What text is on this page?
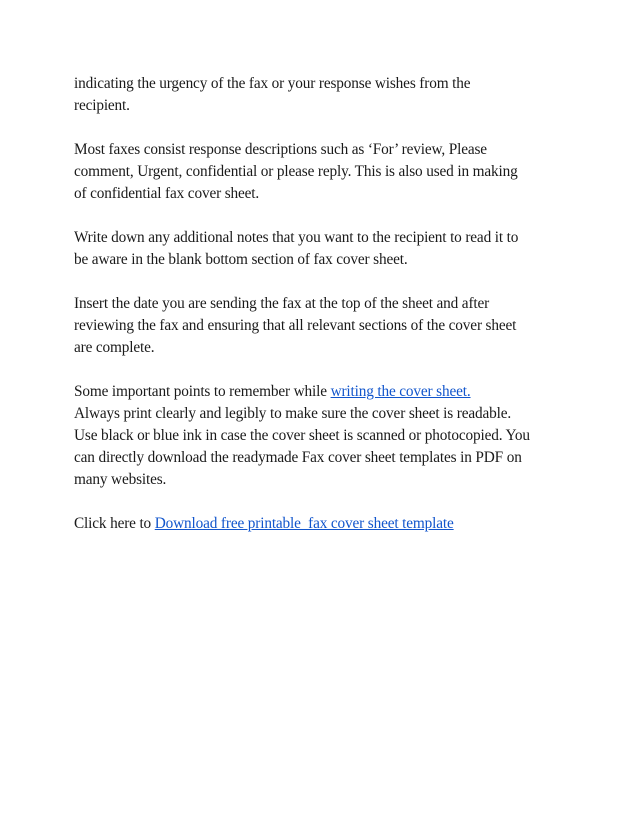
indicating the urgency of the fax or your response wishes from the
recipient.

Most faxes consist response descriptions such as ‘For’ review, Please
comment, Urgent, confidential or please reply. This is also used in making
of confidential fax cover sheet.

Write down any additional notes that you want to the recipient to read it to
be aware in the blank bottom section of fax cover sheet.

Insert the date you are sending the fax at the top of the sheet and after
reviewing the fax and ensuring that all relevant sections of the cover sheet
are complete.

Some important points to remember while writing the cover sheet.
Always print clearly and legibly to make sure the cover sheet is readable.
Use black or blue ink in case the cover sheet is scanned or photocopied. You
can directly download the readymade Fax cover sheet templates in PDF on
many websites.

Click here to Download free printable  fax cover sheet template
